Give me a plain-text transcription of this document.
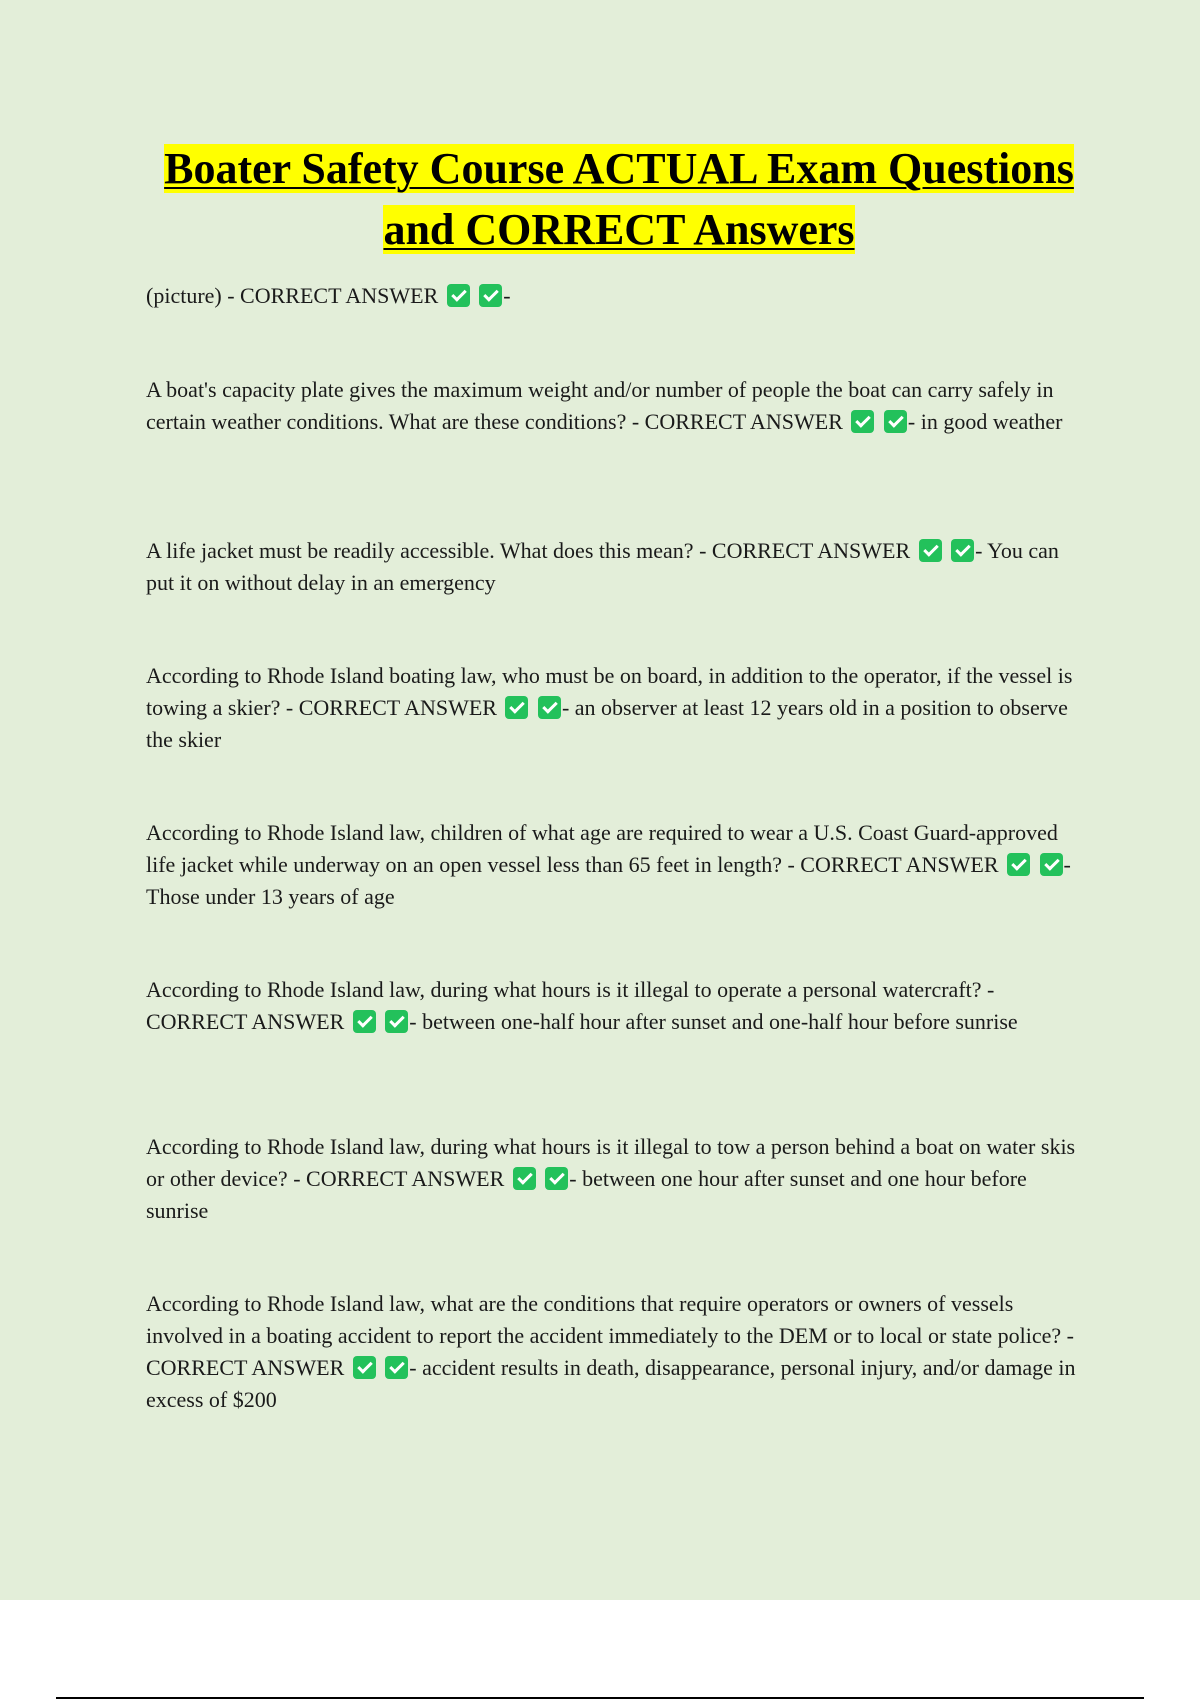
Boater Safety Course ACTUAL Exam Questions and CORRECT Answers

(picture) - CORRECT ANSWER	-

A boat's capacity plate gives the maximum weight and/or number of people the boat can carry safely in certain weather conditions. What are these conditions? - CORRECT ANSWER	- in good weather

A life jacket must be readily accessible. What does this mean? - CORRECT ANSWER	- You can put it on without delay in an emergency

According to Rhode Island boating law, who must be on board, in addition to the operator, if the vessel is towing a skier? - CORRECT ANSWER	- an observer at least 12 years old in a position to observe the skier

According to Rhode Island law, children of what age are required to wear a U.S. Coast Guard-approved life jacket while underway on an open vessel less than 65 feet in length? - CORRECT ANSWER	- Those under 13 years of age

According to Rhode Island law, during what hours is it illegal to operate a personal watercraft? - CORRECT ANSWER	- between one-half hour after sunset and one-half hour before sunrise

According to Rhode Island law, during what hours is it illegal to tow a person behind a boat on water skis or other device? - CORRECT ANSWER	- between one hour after sunset and one hour before sunrise

According to Rhode Island law, what are the conditions that require operators or owners of vessels involved in a boating accident to report the accident immediately to the DEM or to local or state police? - CORRECT ANSWER	- accident results in death, disappearance, personal injury, and/or damage in excess of $200
